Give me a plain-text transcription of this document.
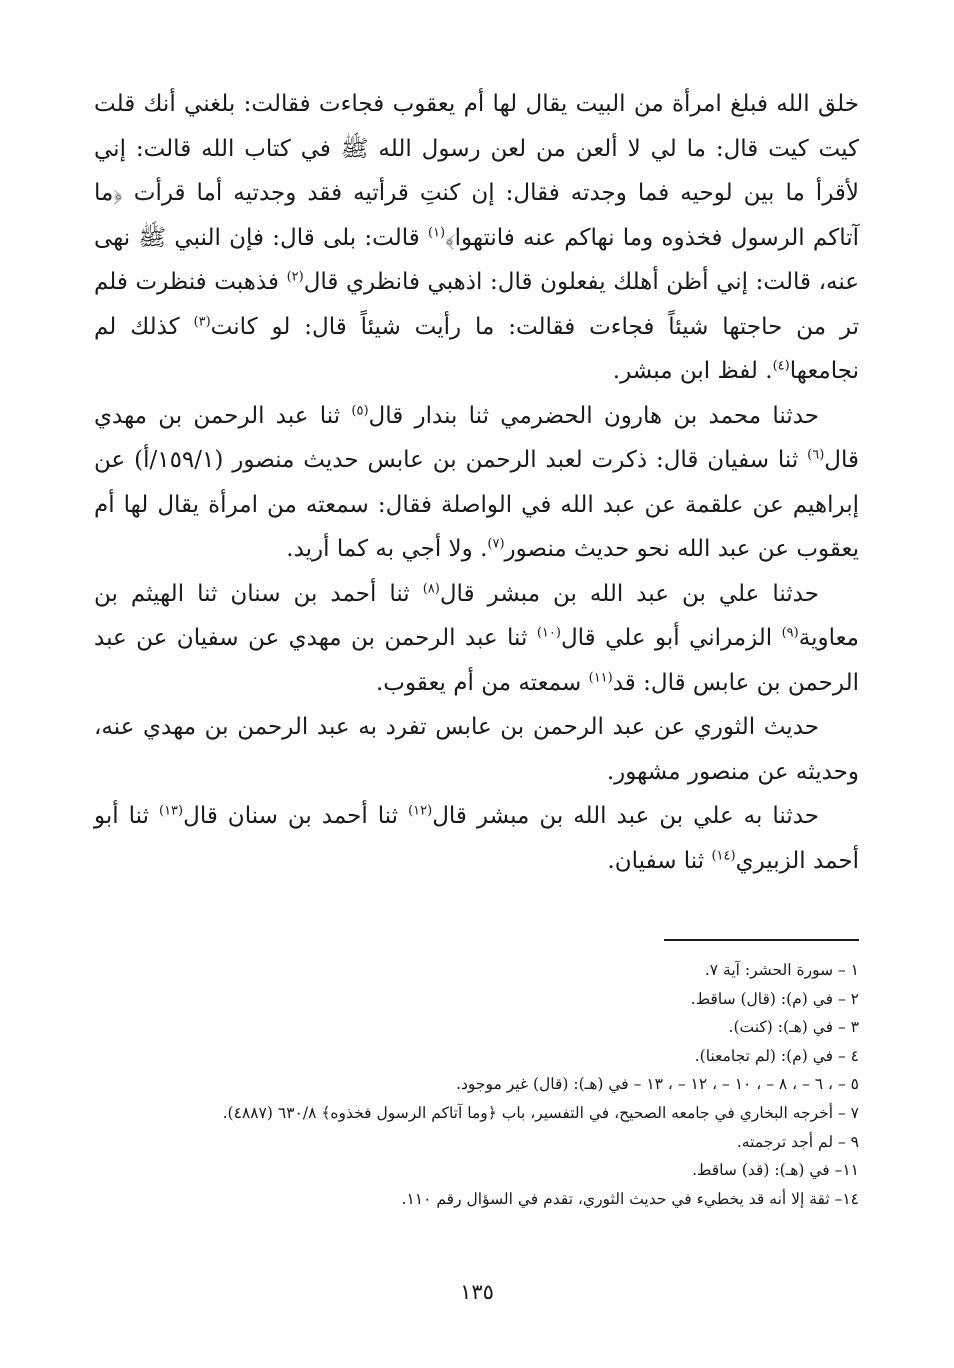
خلق الله فبلغ امرأة من البيت يقال لها أم يعقوب فجاءت فقالت: بلغني أنك قلت كيت كيت قال: ما لي لا ألعن من لعن رسول الله ﷺ في كتاب الله قالت: إني لأقرأ ما بين لوحيه فما وجدته فقال: إن كنتِ قرأتيه فقد وجدتيه أما قرأت ﴿ما آتاكم الرسول فخذوه وما نهاكم عنه فانتهوا﴾$^{(١)}$ قالت: بلى قال: فإن النبي ﷺ نهى عنه، قالت: إني أظن أهلك يفعلون قال: اذهبي فانظري قال$^{(٢)}$ فذهبت فنظرت فلم تر من حاجتها شيئاً فجاءت فقالت: ما رأيت شيئاً قال: لو كانت$^{(٣)}$ كذلك لم نجامعها$^{(٤)}$. لفظ ابن مبشر.

حدثنا محمد بن هارون الحضرمي ثنا بندار قال$^{(٥)}$ ثنا عبد الرحمن بن مهدي قال$^{(٦)}$ ثنا سفيان قال: ذكرت لعبد الرحمن بن عابس حديث منصور (١٥٩/١/أ) عن إبراهيم عن علقمة عن عبد الله في الواصلة فقال: سمعته من امرأة يقال لها أم يعقوب عن عبد الله نحو حديث منصور$^{(٧)}$. ولا أجي به كما أريد.

حدثنا علي بن عبد الله بن مبشر قال$^{(٨)}$ ثنا أحمد بن سنان ثنا الهيثم بن معاوية$^{(٩)}$ الزمراني أبو علي قال$^{(١٠)}$ ثنا عبد الرحمن بن مهدي عن سفيان عن عبد الرحمن بن عابس قال: قد$^{(١١)}$ سمعته من أم يعقوب.

حديث الثوري عن عبد الرحمن بن عابس تفرد به عبد الرحمن بن مهدي عنه، وحديثه عن منصور مشهور.

حدثنا به علي بن عبد الله بن مبشر قال$^{(١٢)}$ ثنا أحمد بن سنان قال$^{(١٣)}$ ثنا أبو أحمد الزبيري$^{(١٤)}$ ثنا سفيان.

١ – سورة الحشر: آية ٧.
٢ – في (م): (قال) ساقط.
٣ – في (هـ): (كنت).
٤ – في (م): (لم تجامعنا).
٥ – ، ٦ – ، ٨ – ، ١٠ – ، ١٢ – ، ١٣ – في (هـ): (قال) غير موجود.
٧ – أخرجه البخاري في جامعه الصحيح، في التفسير، باب ﴿وما آتاكم الرسول فخذوه﴾ ٦٣٠/٨ (٤٨٨٧).
٩ – لم أجد ترجمته.
١١– في (هـ): (قد) ساقط.
١٤– ثقة إلا أنه قد يخطيء في حديث الثوري، تقدم في السؤال رقم ١١٠.
١٣٥
